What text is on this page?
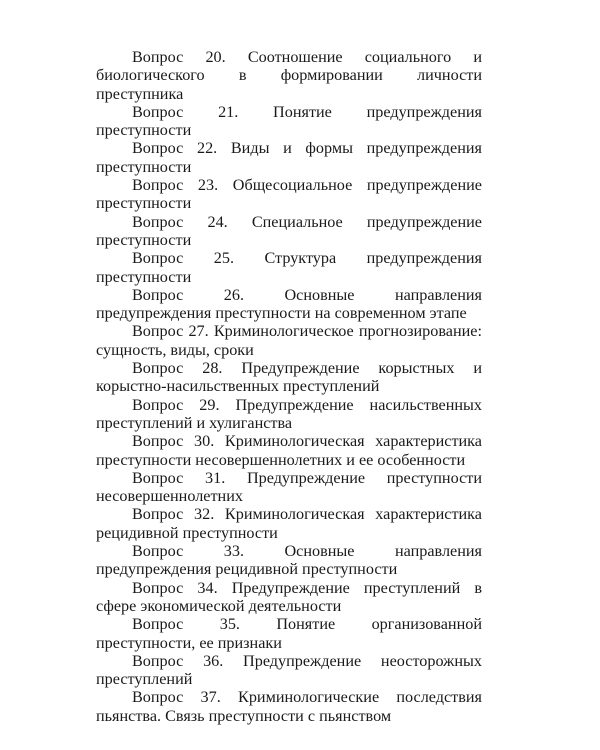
Вопрос 20. Соотношение социального и биологического в формировании личности преступника

Вопрос 21. Понятие предупреждения преступности

Вопрос 22. Виды и формы предупреждения преступности

Вопрос 23. Общесоциальное предупреждение преступности

Вопрос 24. Специальное предупреждение преступности

Вопрос 25. Структура предупреждения преступности

Вопрос 26. Основные направления предупреждения преступности на современном этапе

Вопрос 27. Криминологическое прогнозирование: сущность, виды, сроки

Вопрос 28. Предупреждение корыстных и корыстно-насильственных преступлений

Вопрос 29. Предупреждение насильственных преступлений и хулиганства

Вопрос 30. Криминологическая характеристика преступности несовершеннолетних и ее особенности

Вопрос 31. Предупреждение преступности несовершеннолетних

Вопрос 32. Криминологическая характеристика рецидивной преступности

Вопрос 33. Основные направления предупреждения рецидивной преступности

Вопрос 34. Предупреждение преступлений в сфере экономической деятельности

Вопрос 35. Понятие организованной преступности, ее признаки

Вопрос 36. Предупреждение неосторожных преступлений

Вопрос 37. Криминологические последствия пьянства. Связь преступности с пьянством
